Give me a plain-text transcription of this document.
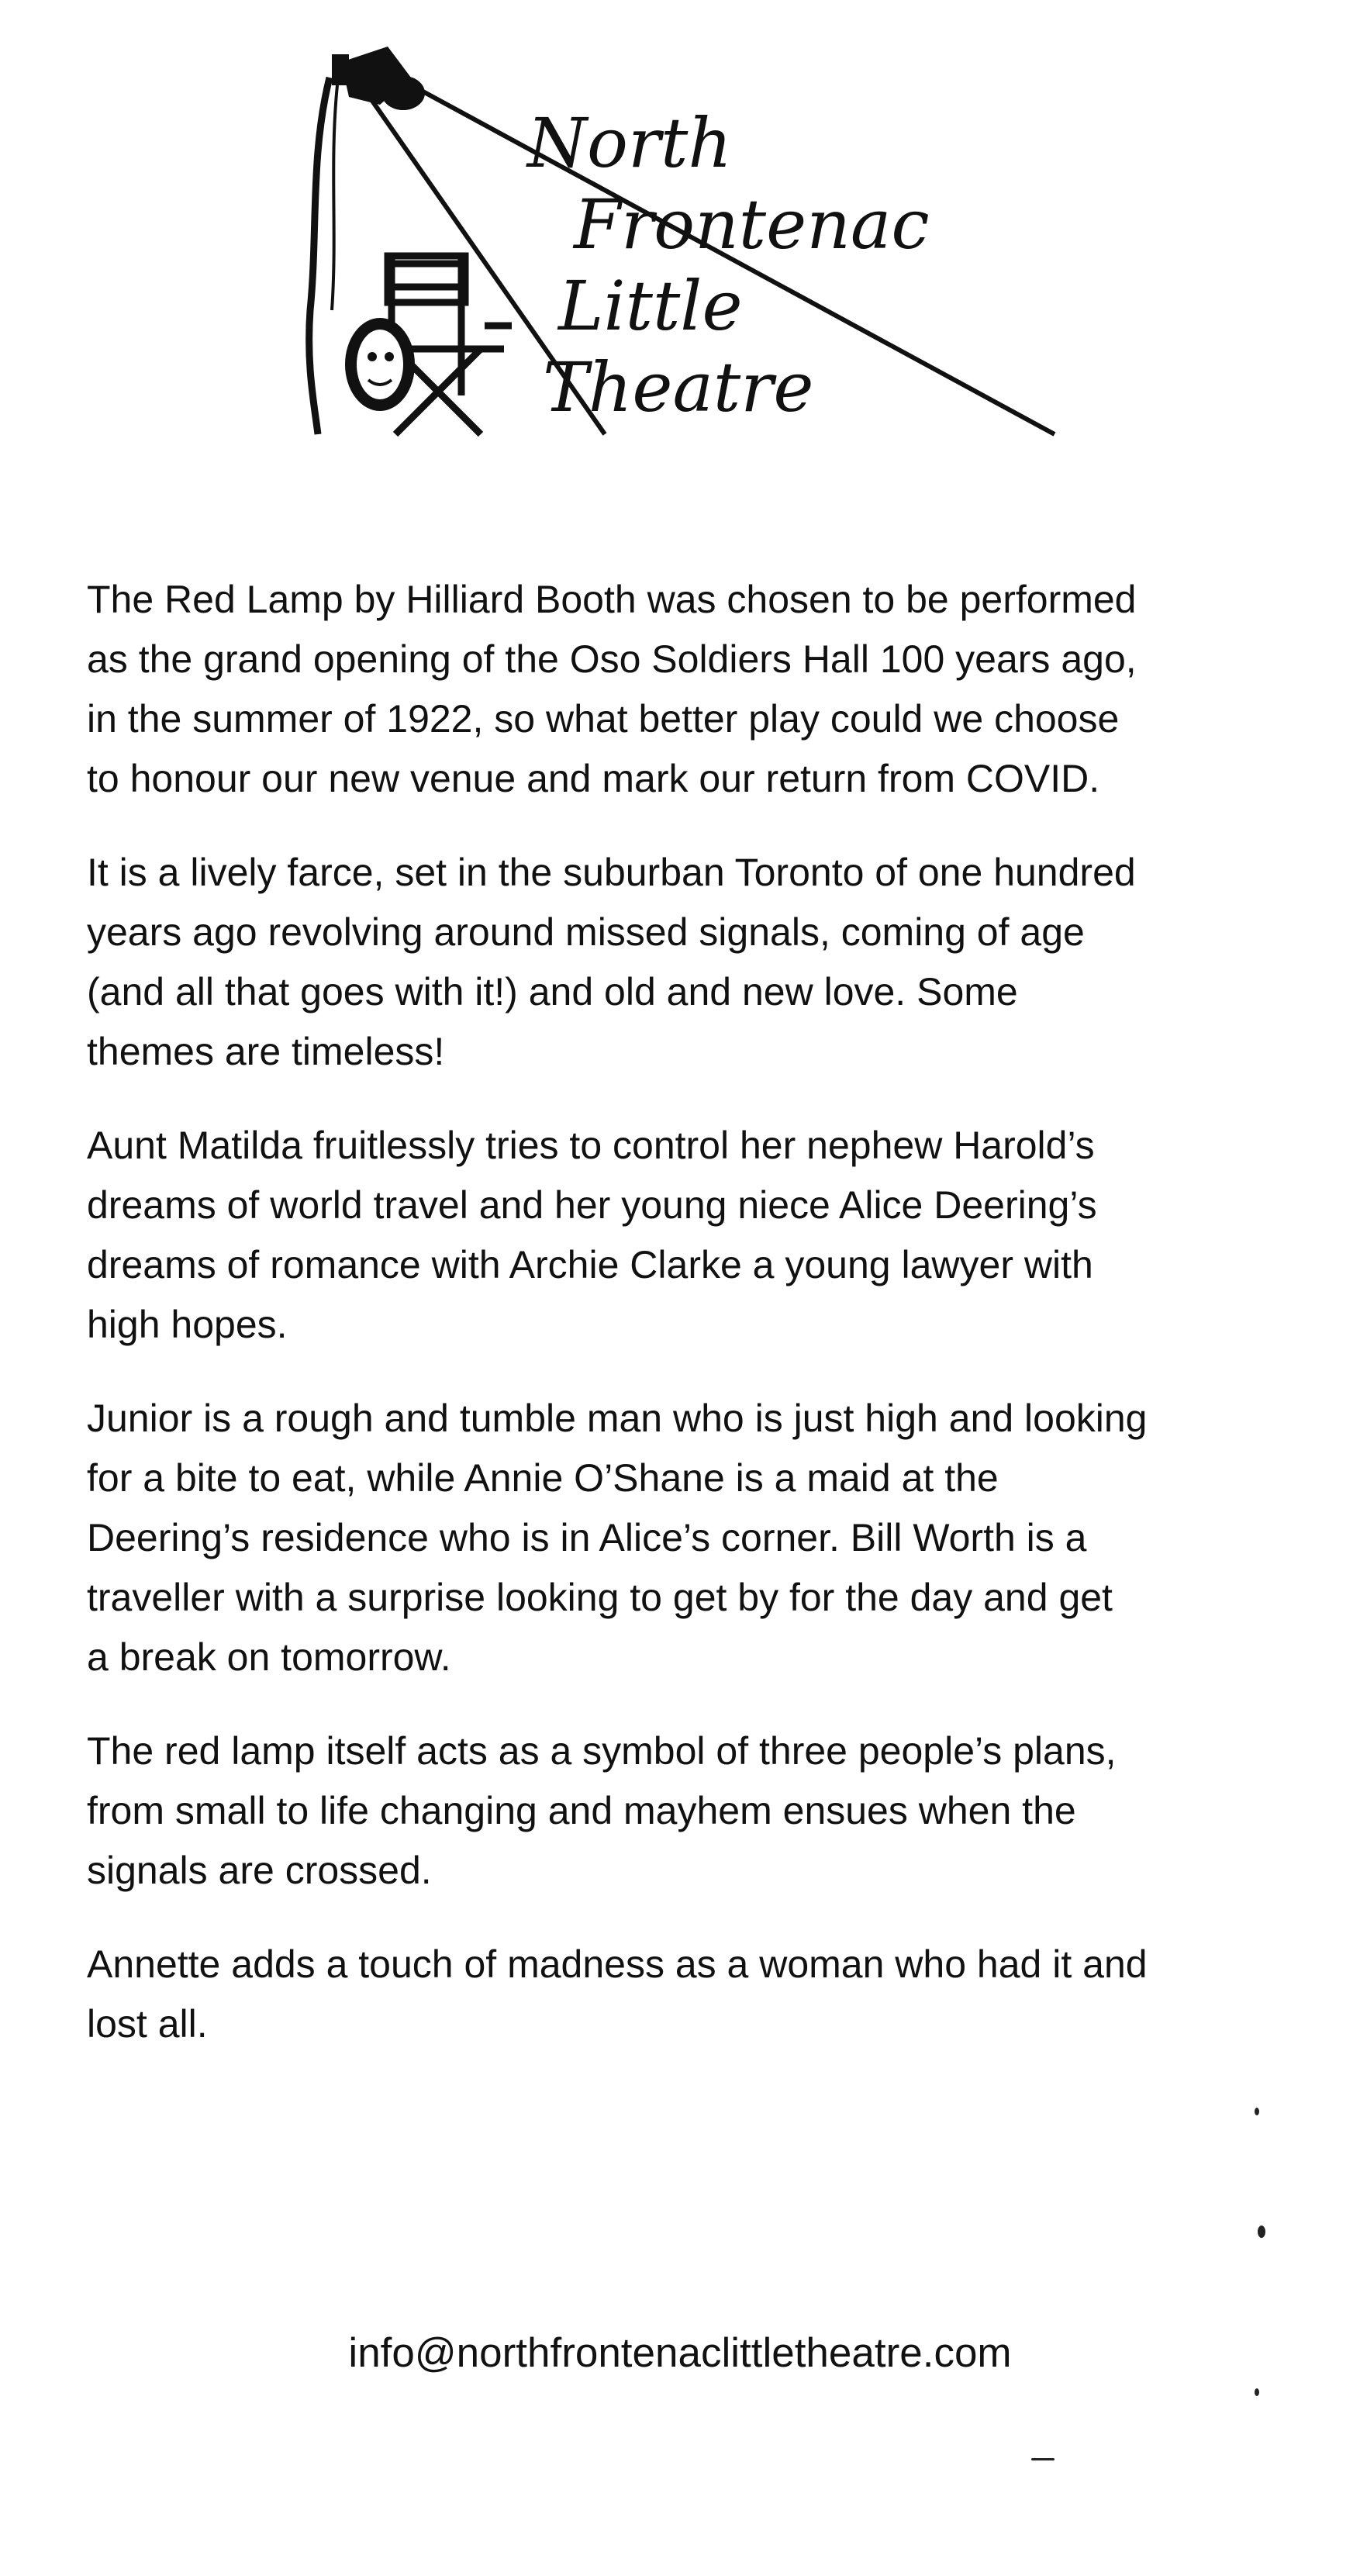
North
Frontenac
Little
Theatre

The Red Lamp by Hilliard Booth was chosen to be performed
as the grand opening of the Oso Soldiers Hall 100 years ago,
in the summer of 1922, so what better play could we choose
to honour our new venue and mark our return from COVID.

It is a lively farce, set in the suburban Toronto of one hundred
years ago revolving around missed signals, coming of age
(and all that goes with it!) and old and new love. Some
themes are timeless!

Aunt Matilda fruitlessly tries to control her nephew Harold’s
dreams of world travel and her young niece Alice Deering’s
dreams of romance with Archie Clarke a young lawyer with
high hopes.

Junior is a rough and tumble man who is just high and looking
for a bite to eat, while Annie O’Shane is a maid at the
Deering’s residence who is in Alice’s corner. Bill Worth is a
traveller with a surprise looking to get by for the day and get
a break on tomorrow.

The red lamp itself acts as a symbol of three people’s plans,
from small to life changing and mayhem ensues when the
signals are crossed.

Annette adds a touch of madness as a woman who had it and
lost all.

info@northfrontenaclittletheatre.com
